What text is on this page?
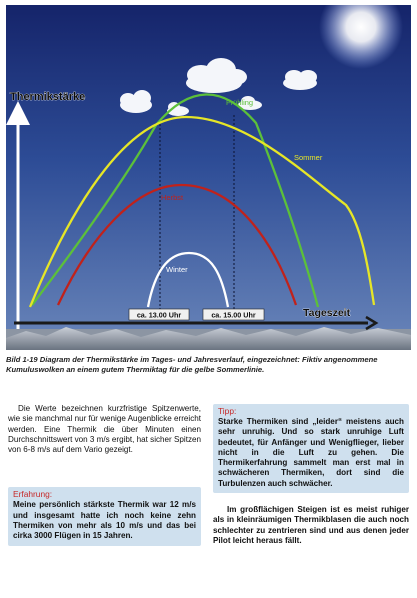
Frühling
Sommer
Herbst
Winter
Thermikstärke
Tageszeit
ca. 13.00 Uhr	ca. 15.00 Uhr
Bild 1-19 Diagram der Thermikstärke im Tages- und Jahresverlauf, eingezeichnet: Fiktiv angenommene Kumuluswolken an einem gutem Thermiktag für die gelbe Sommerlinie.

Die Werte bezeichnen kurzfristige Spitzenwerte, wie sie manchmal nur für wenige Augenblicke erreicht werden. Eine Thermik die über Minuten einen Durchschnittswert von 3 m/s ergibt, hat sicher Spitzen von 6-8 m/s auf dem Vario gezeigt.

Erfahrung:
Meine persönlich stärkste Thermik war 12 m/s und insgesamt hatte ich noch keine zehn Thermiken von mehr als 10 m/s und das bei cirka 3000 Flügen in 15 Jahren.
Tipp:
Starke Thermiken sind „leider“ meistens auch sehr unruhig. Und so stark unruhige Luft bedeutet, für Anfänger und Wenigflieger, lieber nicht in die Luft zu gehen. Die Thermikerfahrung sammelt man erst mal in schwächeren Thermiken, dort sind die Turbulenzen auch schwächer.

Im großflächigen Steigen ist es meist ruhiger als in kleinräumigen Thermikblasen die auch noch schlechter zu zentrieren sind und aus denen jeder Pilot leicht heraus fällt.
